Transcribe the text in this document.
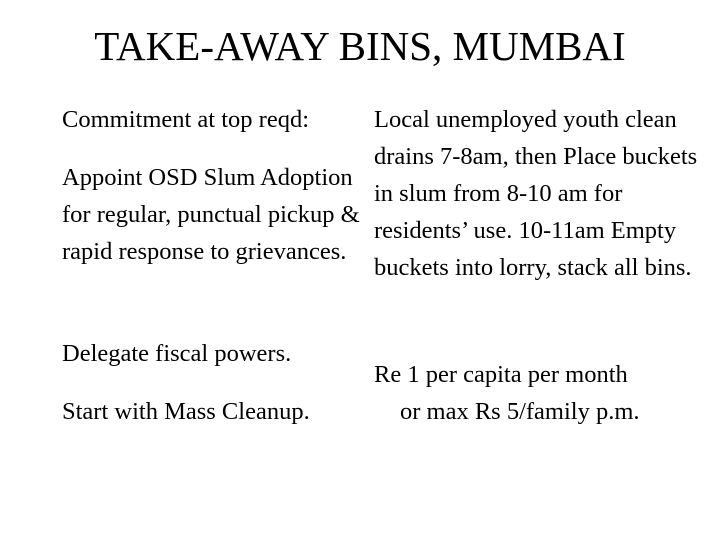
TAKE-AWAY BINS, MUMBAI

Commitment at top reqd:

Appoint OSD Slum Adoption for regular, punctual pickup & rapid response to grievances.

Delegate fiscal powers.

Start with Mass Cleanup.

Local unemployed youth clean drains 7-8am, then Place buckets in slum from 8-10 am for residents’ use. 10-11am Empty buckets into lorry, stack all bins.

Re 1 per capita per month
or max Rs 5/family p.m.
